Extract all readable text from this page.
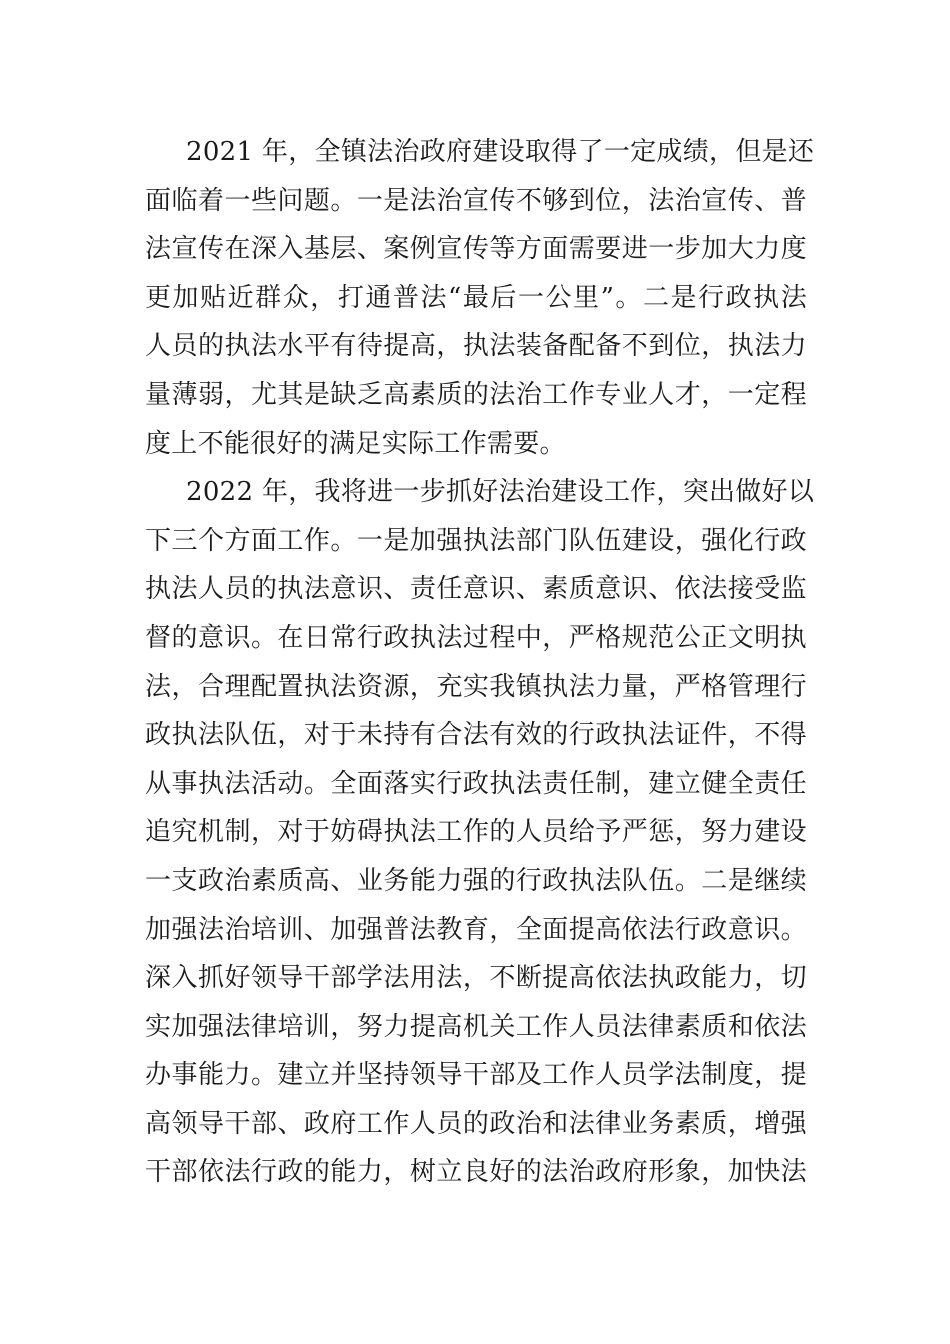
2021 年，全镇法治政府建设取得了一定成绩，但是还
面临着一些问题。一是法治宣传不够到位，法治宣传、普
法宣传在深入基层、案例宣传等方面需要进一步加大力度
更加贴近群众，打通普法“最后一公里”。二是行政执法
人员的执法水平有待提高，执法装备配备不到位，执法力
量薄弱，尤其是缺乏高素质的法治工作专业人才，一定程
度上不能很好的满足实际工作需要。
2022 年，我将进一步抓好法治建设工作，突出做好以
下三个方面工作。一是加强执法部门队伍建设，强化行政
执法人员的执法意识、责任意识、素质意识、依法接受监
督的意识。在日常行政执法过程中，严格规范公正文明执
法，合理配置执法资源，充实我镇执法力量，严格管理行
政执法队伍，对于未持有合法有效的行政执法证件，不得
从事执法活动。全面落实行政执法责任制，建立健全责任
追究机制，对于妨碍执法工作的人员给予严惩，努力建设
一支政治素质高、业务能力强的行政执法队伍。二是继续
加强法治培训、加强普法教育，全面提高依法行政意识。
深入抓好领导干部学法用法，不断提高依法执政能力，切
实加强法律培训，努力提高机关工作人员法律素质和依法
办事能力。建立并坚持领导干部及工作人员学法制度，提
高领导干部、政府工作人员的政治和法律业务素质，增强
干部依法行政的能力，树立良好的法治政府形象，加快法
